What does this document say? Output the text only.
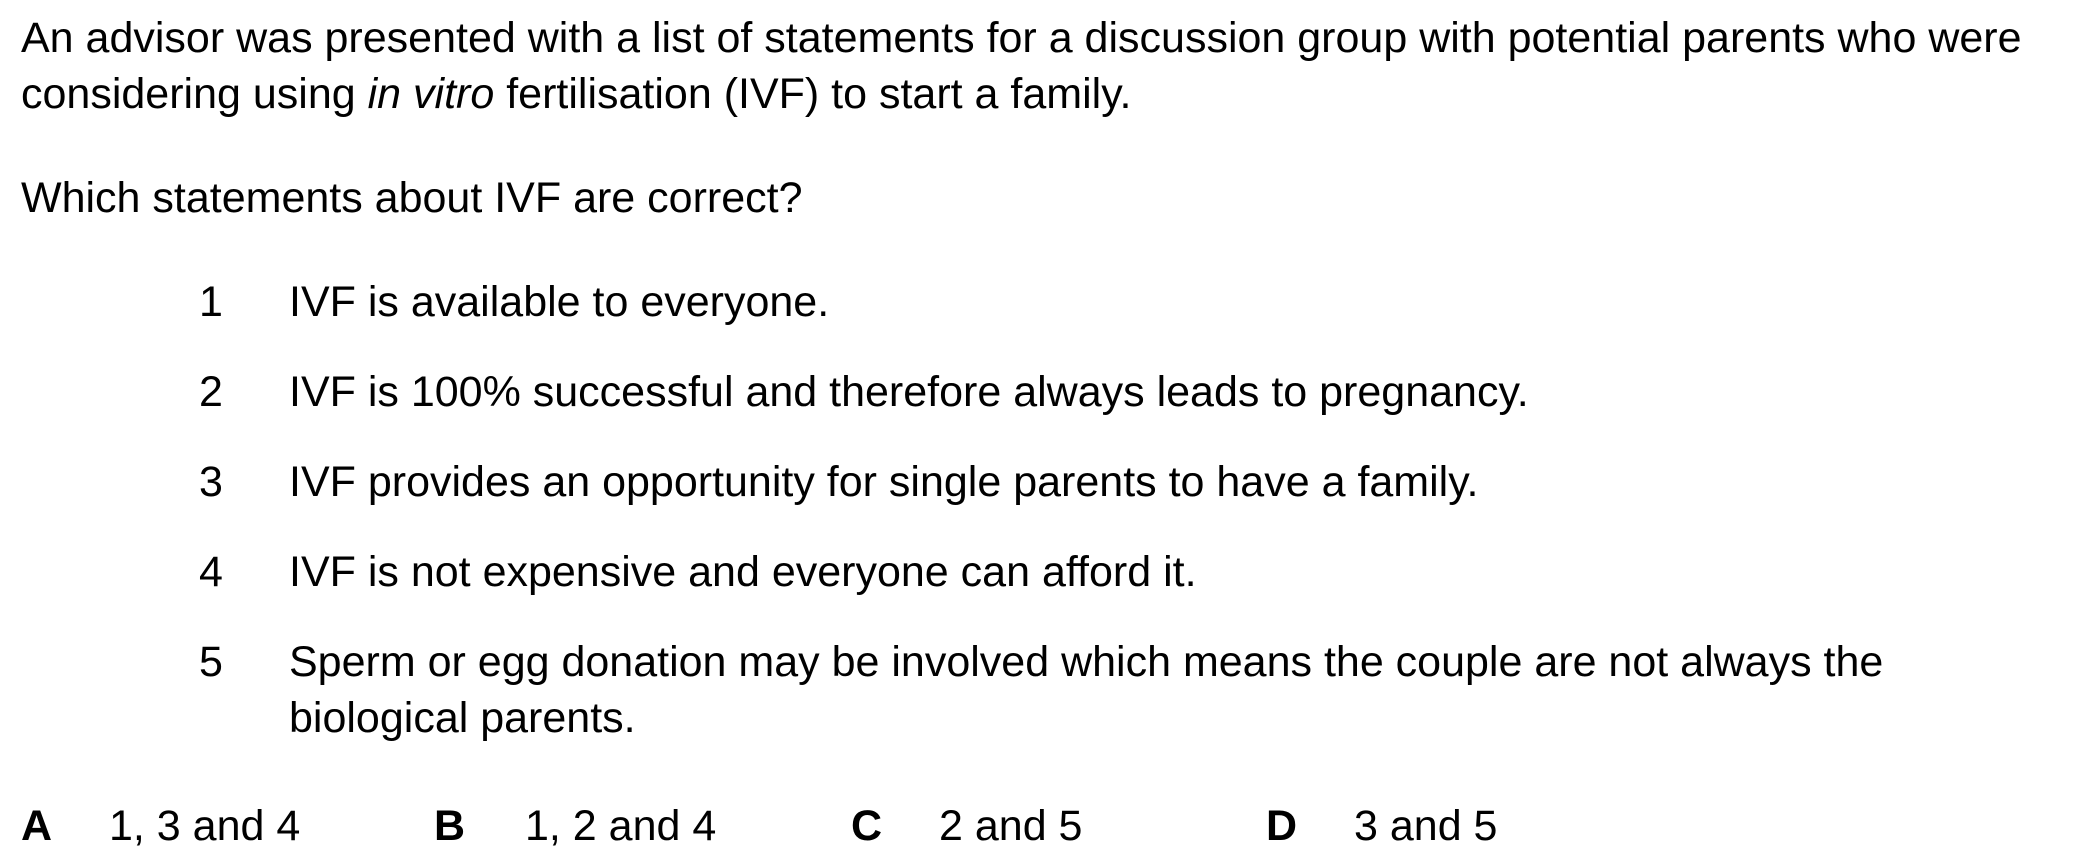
An advisor was presented with a list of statements for a discussion group with potential parents who were considering using in vitro fertilisation (IVF) to start a family.

Which statements about IVF are correct?

1 IVF is available to everyone.
2 IVF is 100% successful and therefore always leads to pregnancy.
3 IVF provides an opportunity for single parents to have a family.
4 IVF is not expensive and everyone can afford it.
5 Sperm or egg donation may be involved which means the couple are not always the biological parents.
A 1, 3 and 4	B 1, 2 and 4	C 2 and 5	D 3 and 5
